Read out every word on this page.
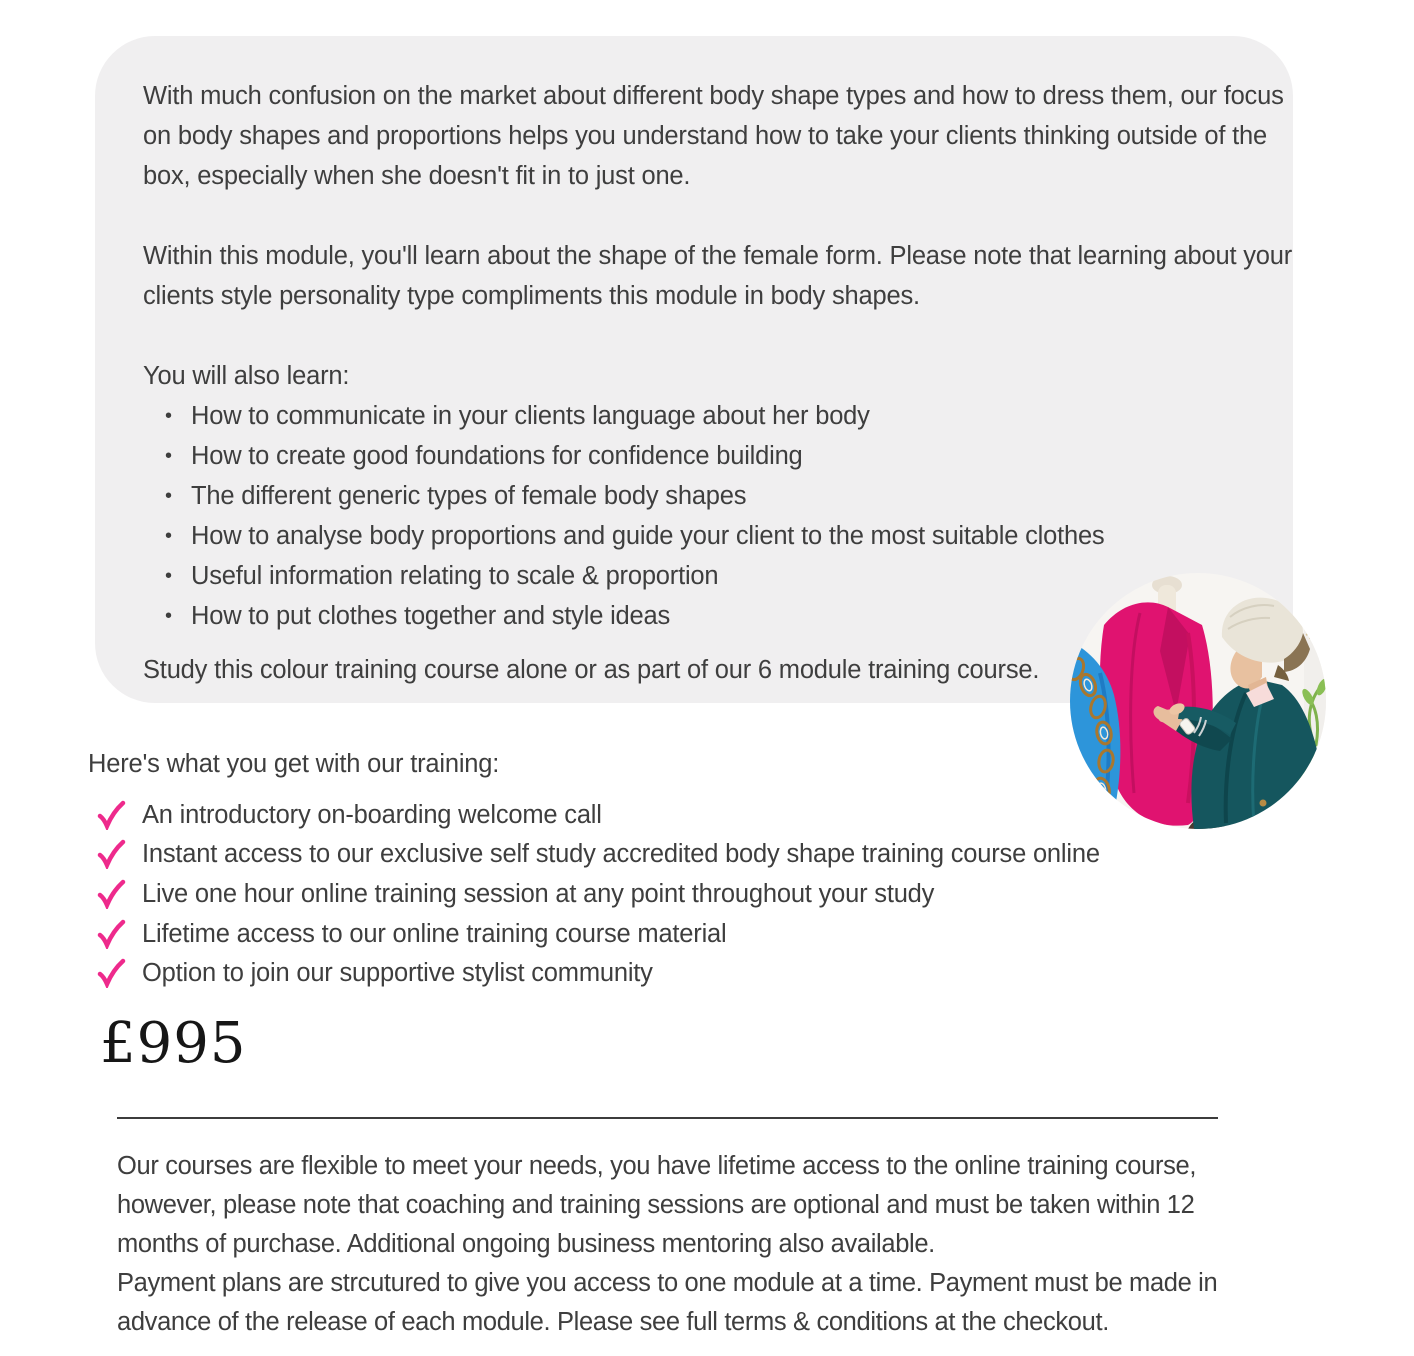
With much confusion on the market about different body shape types and how to dress them, our focus on body shapes and proportions helps you understand how to take your clients thinking outside of the box, especially when she doesn't fit in to just one.

Within this module, you'll learn about the shape of the female form. Please note that learning about your clients style personality type compliments this module in body shapes.

You will also learn:

• How to communicate in your clients language about her body
• How to create good foundations for confidence building
• The different generic types of female body shapes
• How to analyse body proportions and guide your client to the most suitable clothes
• Useful information relating to scale & proportion
• How to put clothes together and style ideas

Study this colour training course alone or as part of our 6 module training course.

Here's what you get with our training:

An introductory on-boarding welcome call
Instant access to our exclusive self study accredited body shape training course online
Live one hour online training session at any point throughout your study
Lifetime access to our online training course material
Option to join our supportive stylist community
£995

Our courses are flexible to meet your needs, you have lifetime access to the online training course, however, please note that coaching and training sessions are optional and must be taken within 12 months of purchase. Additional ongoing business mentoring also available.

Payment plans are strcutured to give you access to one module at a time. Payment must be made in advance of the release of each module. Please see full terms & conditions at the checkout.
